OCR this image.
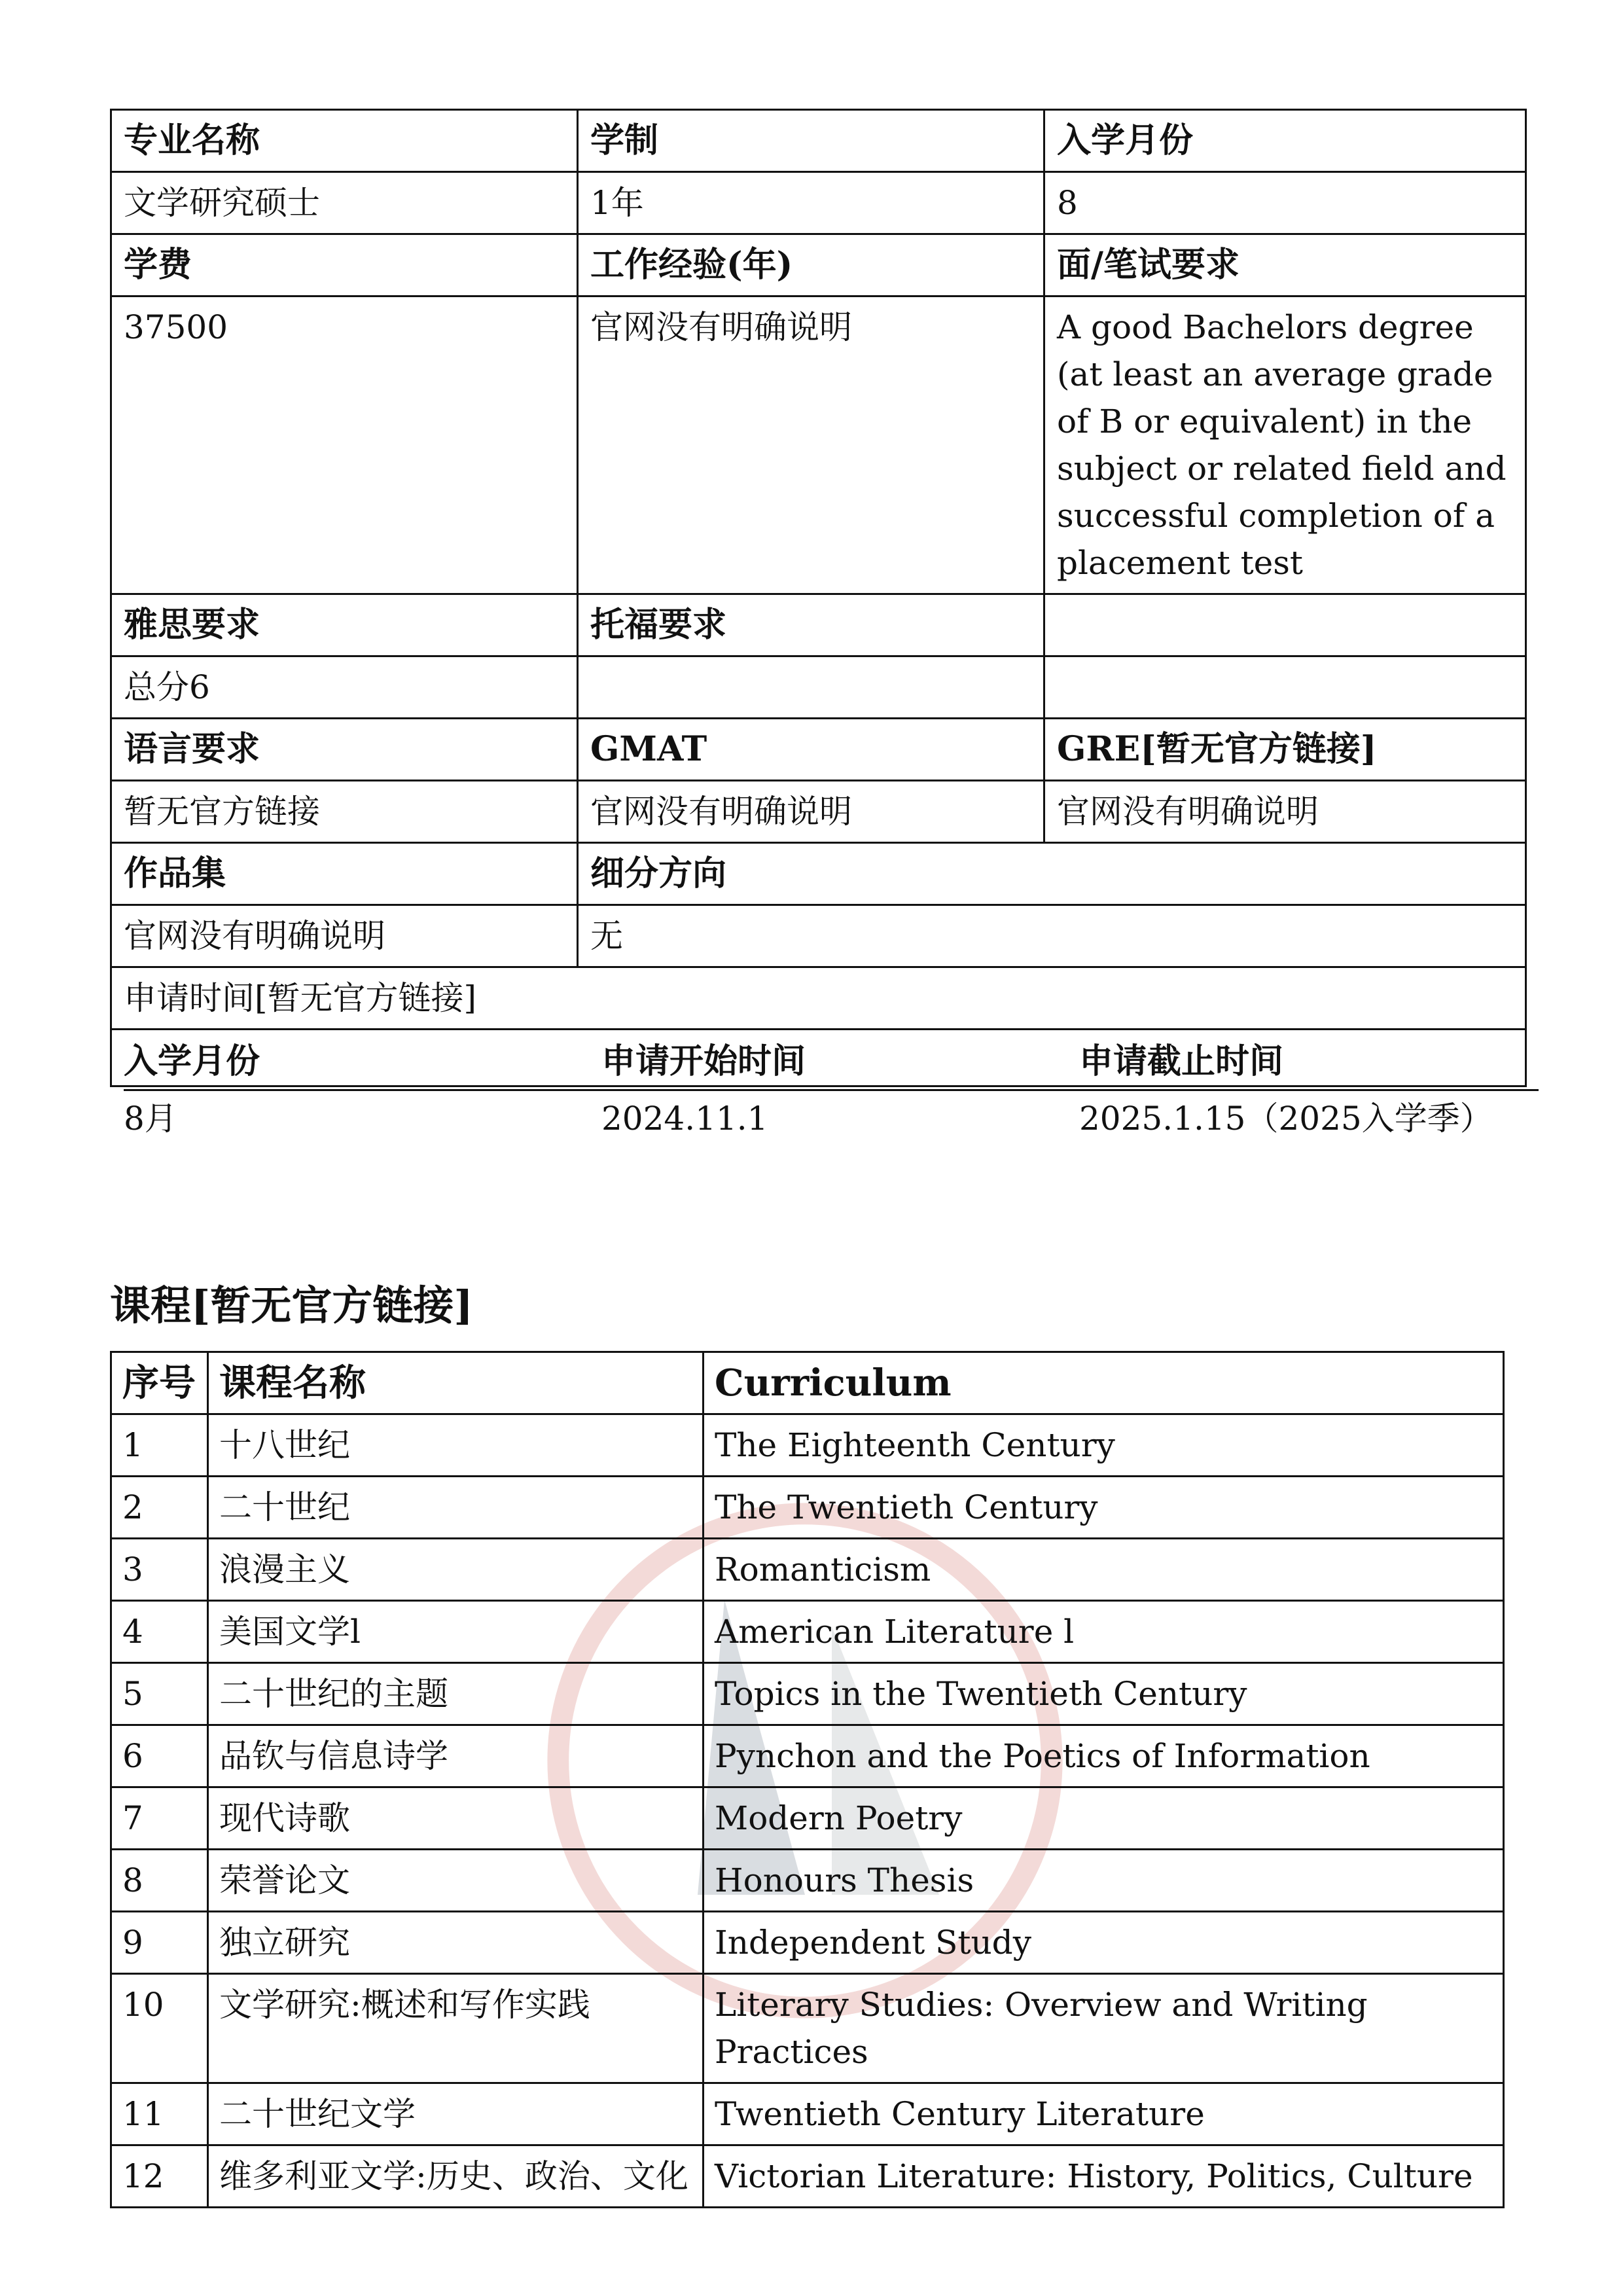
专业名称	学制	入学月份
文学研究硕士	1年	8
学费	工作经验(年)	面/笔试要求
37500	官网没有明确说明	A good Bachelors degree (at least an average grade of B or equivalent) in the subject or related field and successful completion of a placement test
雅思要求	托福要求	
总分6		
语言要求	GMAT	GRE[暂无官方链接]
暂无官方链接	官网没有明确说明	官网没有明确说明
作品集	细分方向
官网没有明确说明	无
申请时间[暂无官方链接]

入学月份	申请开始时间	申请截止时间
8月	2024.11.1	2025.1.15（2025入学季）
课程[暂无官方链接]
序号	课程名称	Curriculum
1	十八世纪	The Eighteenth Century
2	二十世纪	The Twentieth Century
3	浪漫主义	Romanticism
4	美国文学l	American Literature l
5	二十世纪的主题	Topics in the Twentieth Century
6	品钦与信息诗学	Pynchon and the Poetics of Information
7	现代诗歌	Modern Poetry
8	荣誉论文	Honours Thesis
9	独立研究	Independent Study
10	文学研究:概述和写作实践	Literary Studies: Overview and Writing Practices
11	二十世纪文学	Twentieth Century Literature
12	维多利亚文学:历史、政治、文化	Victorian Literature: History, Politics, Culture
